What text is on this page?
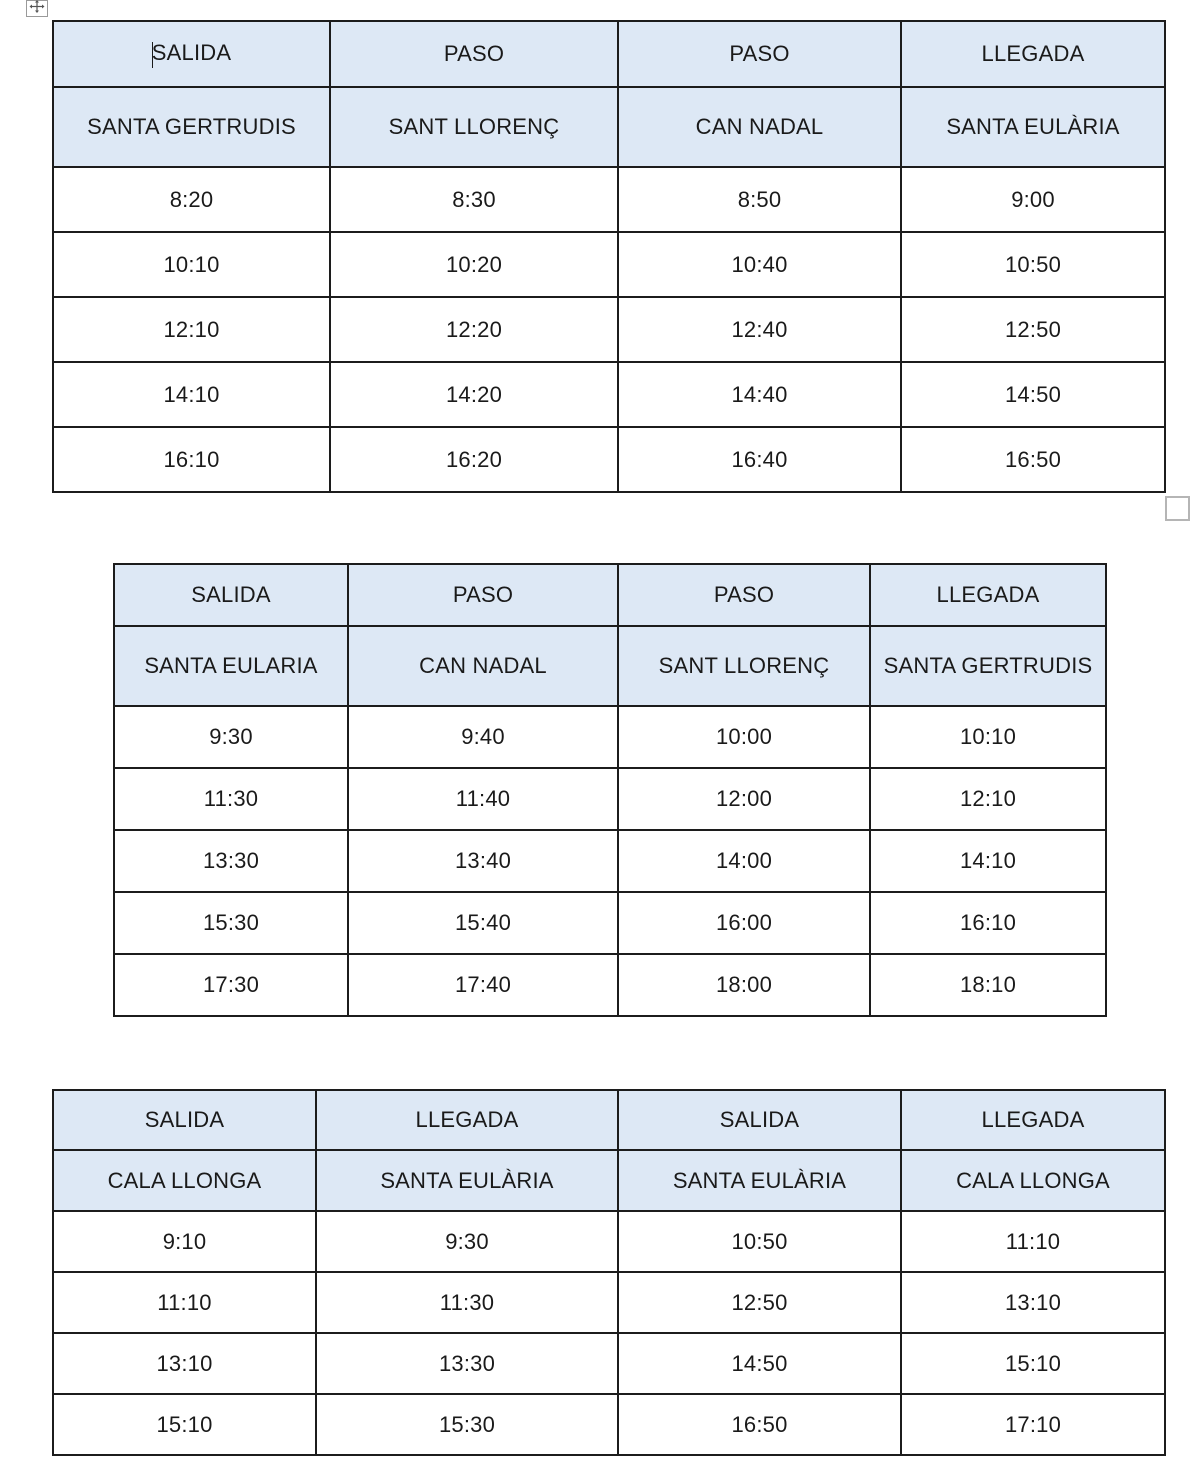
SALIDA	PASO	PASO	LLEGADA
SANTA GERTRUDIS	SANT LLORENÇ	CAN NADAL	SANTA EULÀRIA
8:20	8:30	8:50	9:00
10:10	10:20	10:40	10:50
12:10	12:20	12:40	12:50
14:10	14:20	14:40	14:50
16:10	16:20	16:40	16:50
SALIDA	PASO	PASO	LLEGADA
SANTA EULARIA	CAN NADAL	SANT LLORENÇ	SANTA GERTRUDIS
9:30	9:40	10:00	10:10
11:30	11:40	12:00	12:10
13:30	13:40	14:00	14:10
15:30	15:40	16:00	16:10
17:30	17:40	18:00	18:10
SALIDA	LLEGADA	SALIDA	LLEGADA
CALA LLONGA	SANTA EULÀRIA	SANTA EULÀRIA	CALA LLONGA
9:10	9:30	10:50	11:10
11:10	11:30	12:50	13:10
13:10	13:30	14:50	15:10
15:10	15:30	16:50	17:10
